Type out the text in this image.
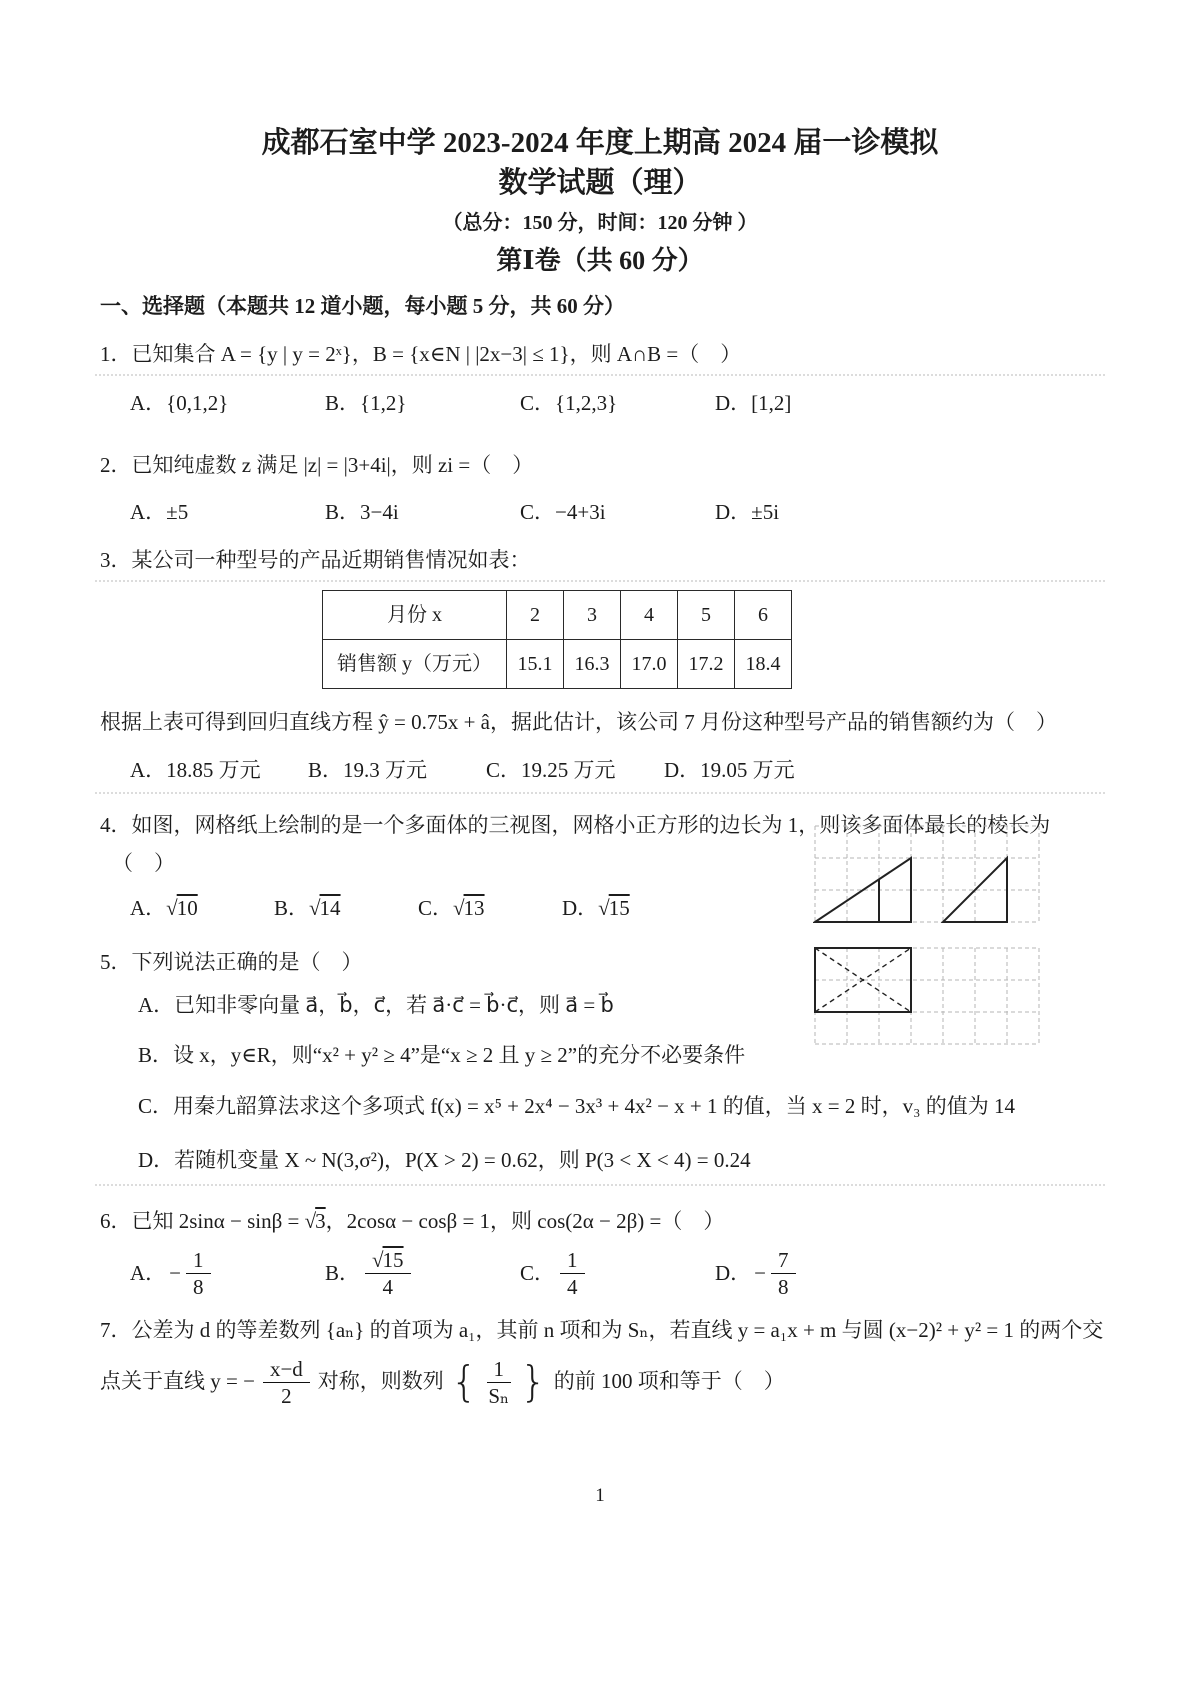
成都石室中学 2023-2024 年度上期高 2024 届一诊模拟
数学试题（理）
（总分：150 分，时间：120 分钟 ）
第Ⅰ卷（共 60 分）
一、选择题（本题共 12 道小题，每小题 5 分，共 60 分）
1．已知集合 A = {y | y = 2ˣ}，B = {x∈N | |2x−3| ≤ 1}，则 A∩B =（　）
A．{0,1,2}	B．{1,2}	C．{1,2,3}	D．[1,2]
2．已知纯虚数 z 满足 |z| = |3+4i|，则 zi =（　）
A．±5	B．3−4i	C．−4+3i	D．±5i
3．某公司一种型号的产品近期销售情况如表：
月份 x	2	3	4	5	6
销售额 y（万元）	15.1	16.3	17.0	17.2	18.4
根据上表可得到回归直线方程 ŷ = 0.75x + â，据此估计，该公司 7 月份这种型号产品的销售额约为（　）
A．18.85 万元	B．19.3 万元	C．19.25 万元	D．19.05 万元
4．如图，网格纸上绘制的是一个多面体的三视图，网格小正方形的边长为 1，则该多面体最长的棱长为
（　）
A．√10	B．√14	C．√13	D．√15
5．下列说法正确的是（　）
A．已知非零向量 a⃗，b⃗，c⃗，若 a⃗·c⃗ = b⃗·c⃗，则 a⃗ = b⃗
B．设 x，y∈R，则“x² + y² ≥ 4”是“x ≥ 2 且 y ≥ 2”的充分不必要条件
C．用秦九韶算法求这个多项式 f(x) = x⁵ + 2x⁴ − 3x³ + 4x² − x + 1 的值，当 x = 2 时，v₃ 的值为 14
D．若随机变量 X ~ N(3,σ²)，P(X > 2) = 0.62，则 P(3 < X < 4) = 0.24
6．已知 2sinα − sinβ = √3，2cosα − cosβ = 1，则 cos(2α − 2β) =（　）
A． − $\frac{1}{8}$	B． $\frac{√15}{4}$	C． $\frac{1}{4}$	D． − $\frac{7}{8}$
7．公差为 d 的等差数列 {aₙ} 的首项为 a₁，其前 n 项和为 Sₙ，若直线 y = a₁x + m 与圆 (x−2)² + y² = 1 的两个交
点关于直线 y = − $\frac{x-d}{2}$ 对称，则数列 { $\frac{1}{\text{Sₙ}}$ } 的前 100 项和等于（　）
1
